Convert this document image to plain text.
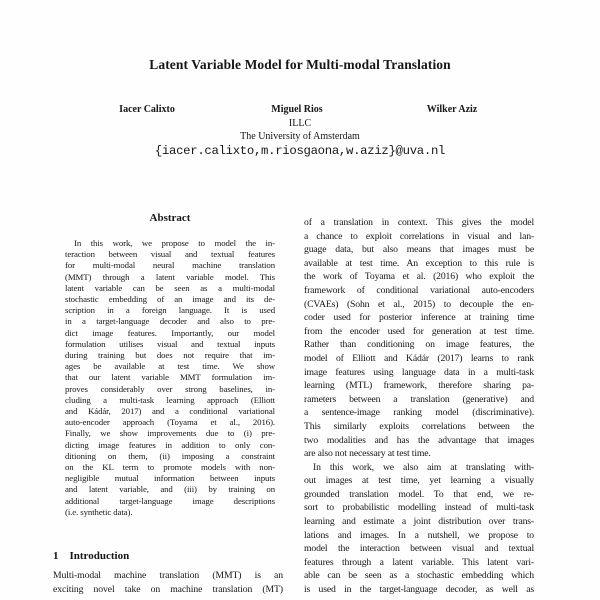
Latent Variable Model for Multi-modal Translation
Iacer Calixto	Miguel Rios	Wilker Aziz
ILLC
The University of Amsterdam
{iacer.calixto,m.riosgaona,w.aziz}@uva.nl
Abstract
In this work, we propose to model the in-
teraction between visual and textual features
for multi-modal neural machine translation
(MMT) through a latent variable model. This
latent variable can be seen as a multi-modal
stochastic embedding of an image and its de-
scription in a foreign language. It is used
in a target-language decoder and also to pre-
dict image features. Importantly, our model
formulation utilises visual and textual inputs
during training but does not require that im-
ages be available at test time. We show
that our latent variable MMT formulation im-
proves considerably over strong baselines, in-
cluding a multi-task learning approach (Elliott
and Kádár, 2017) and a conditional variational
auto-encoder approach (Toyama et al., 2016).
Finally, we show improvements due to (i) pre-
dicting image features in addition to only con-
ditioning on them, (ii) imposing a constraint
on the KL term to promote models with non-
negligible mutual information between inputs
and latent variable, and (iii) by training on
additional target-language image descriptions
(i.e. synthetic data).
1 Introduction
Multi-modal machine translation (MMT) is an
exciting novel take on machine translation (MT)
of a translation in context. This gives the model
a chance to exploit correlations in visual and lan-
guage data, but also means that images must be
available at test time. An exception to this rule is
the work of Toyama et al. (2016) who exploit the
framework of conditional variational auto-encoders
(CVAEs) (Sohn et al., 2015) to decouple the en-
coder used for posterior inference at training time
from the encoder used for generation at test time.
Rather than conditioning on image features, the
model of Elliott and Kádár (2017) learns to rank
image features using language data in a multi-task
learning (MTL) framework, therefore sharing pa-
rameters between a translation (generative) and
a sentence-image ranking model (discriminative).
This similarly exploits correlations between the
two modalities and has the advantage that images
are also not necessary at test time.
In this work, we also aim at translating with-
out images at test time, yet learning a visually
grounded translation model. To that end, we re-
sort to probabilistic modelling instead of multi-task
learning and estimate a joint distribution over trans-
lations and images. In a nutshell, we propose to
model the interaction between visual and textual
features through a latent variable. This latent vari-
able can be seen as a stochastic embedding which
is used in the target-language decoder, as well as
